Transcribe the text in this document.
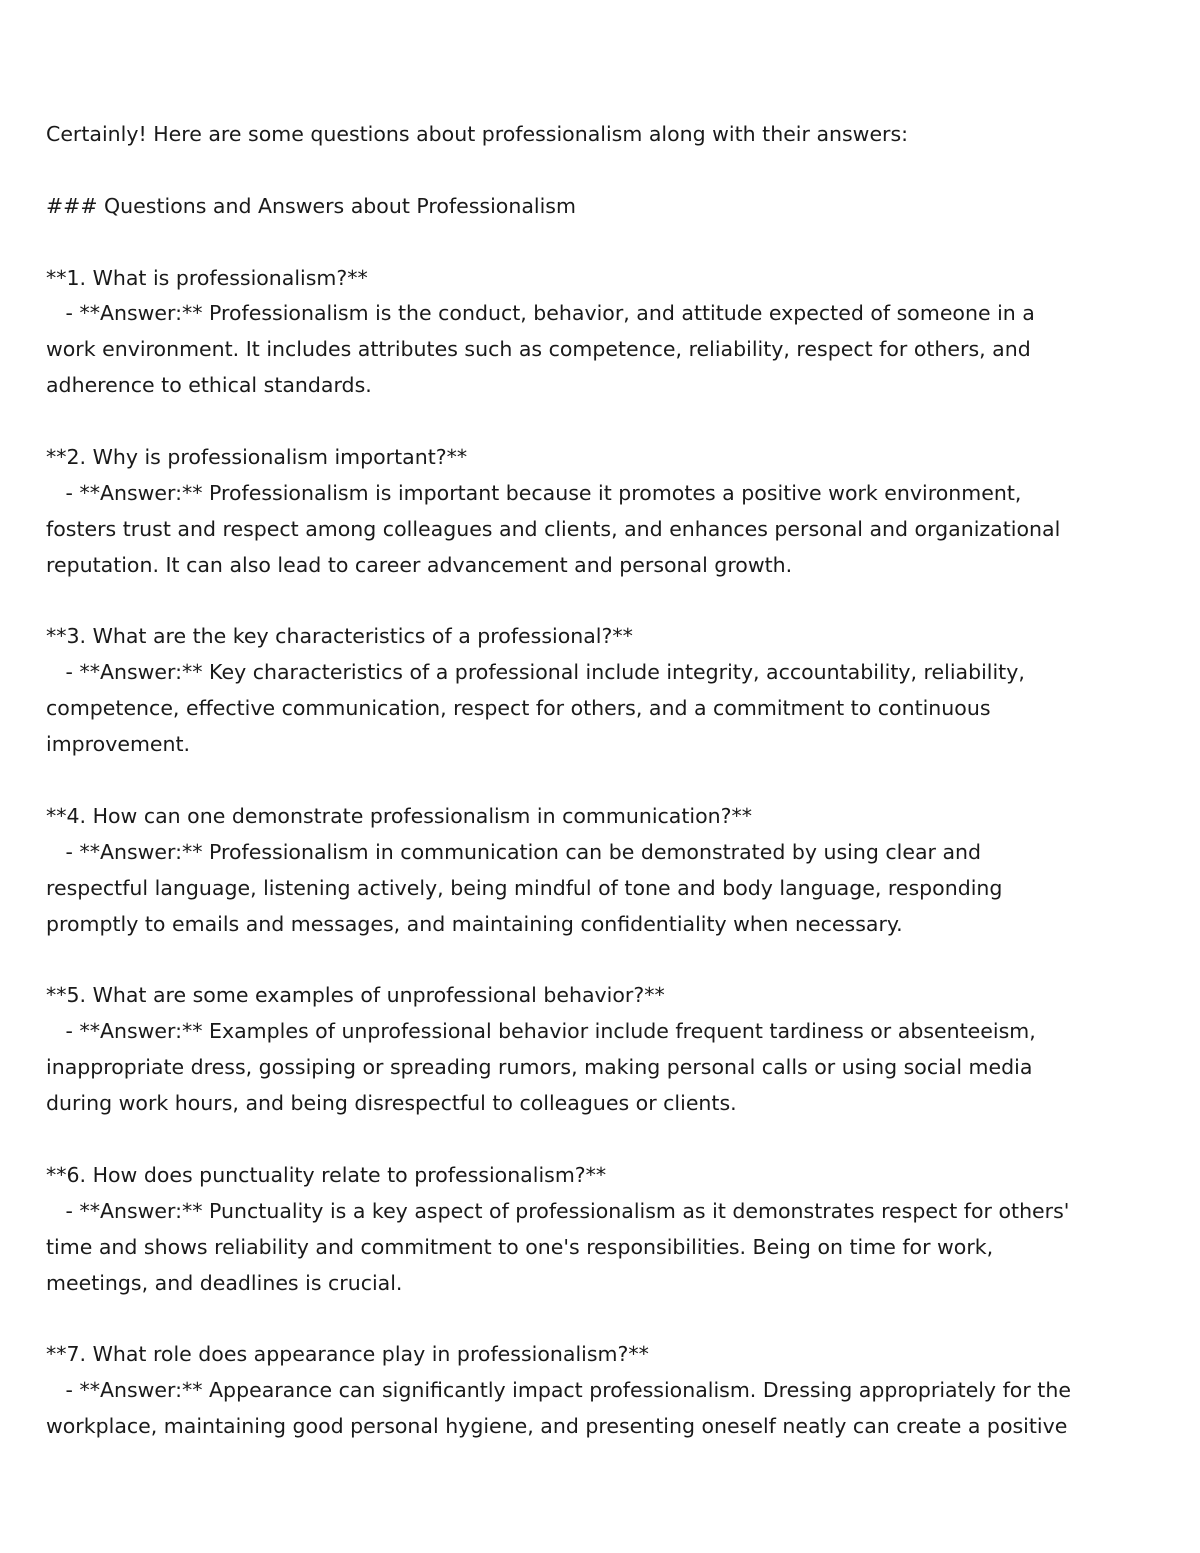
Certainly! Here are some questions about professionalism along with their answers:
### Questions and Answers about Professionalism
**1. What is professionalism?**
- **Answer:** Professionalism is the conduct, behavior, and attitude expected of someone in a
work environment. It includes attributes such as competence, reliability, respect for others, and
adherence to ethical standards.
**2. Why is professionalism important?**
- **Answer:** Professionalism is important because it promotes a positive work environment,
fosters trust and respect among colleagues and clients, and enhances personal and organizational
reputation. It can also lead to career advancement and personal growth.
**3. What are the key characteristics of a professional?**
- **Answer:** Key characteristics of a professional include integrity, accountability, reliability,
competence, effective communication, respect for others, and a commitment to continuous
improvement.
**4. How can one demonstrate professionalism in communication?**
- **Answer:** Professionalism in communication can be demonstrated by using clear and
respectful language, listening actively, being mindful of tone and body language, responding
promptly to emails and messages, and maintaining confidentiality when necessary.
**5. What are some examples of unprofessional behavior?**
- **Answer:** Examples of unprofessional behavior include frequent tardiness or absenteeism,
inappropriate dress, gossiping or spreading rumors, making personal calls or using social media
during work hours, and being disrespectful to colleagues or clients.
**6. How does punctuality relate to professionalism?**
- **Answer:** Punctuality is a key aspect of professionalism as it demonstrates respect for others'
time and shows reliability and commitment to one's responsibilities. Being on time for work,
meetings, and deadlines is crucial.
**7. What role does appearance play in professionalism?**
- **Answer:** Appearance can significantly impact professionalism. Dressing appropriately for the
workplace, maintaining good personal hygiene, and presenting oneself neatly can create a positive
